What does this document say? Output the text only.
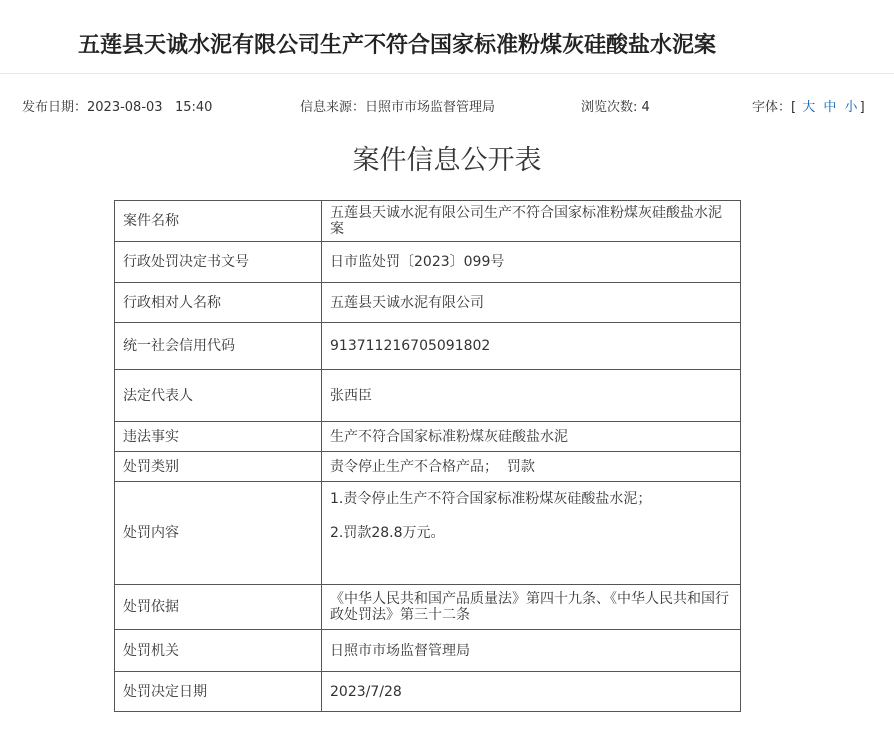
五莲县天诚水泥有限公司生产不符合国家标准粉煤灰硅酸盐水泥案
发布日期：2023-08-03   15:40	信息来源：日照市市场监督管理局	浏览次数: 4	字体：[ 大 中 小 ]
案件信息公开表
案件名称	五莲县天诚水泥有限公司生产不符合国家标准粉煤灰硅酸盐水泥案
行政处罚决定书文号	日市监处罚〔2023〕099号
行政相对人名称	五莲县天诚水泥有限公司
统一社会信用代码	913711216705091802
法定代表人	张西臣
违法事实	生产不符合国家标准粉煤灰硅酸盐水泥
处罚类别	责令停止生产不合格产品；  罚款
处罚内容	1.责令停止生产不符合国家标准粉煤灰硅酸盐水泥；
2.罚款28.8万元。

处罚依据	《中华人民共和国产品质量法》第四十九条、《中华人民共和国行政处罚法》第三十二条
处罚机关	日照市市场监督管理局
处罚决定日期	2023/7/28
